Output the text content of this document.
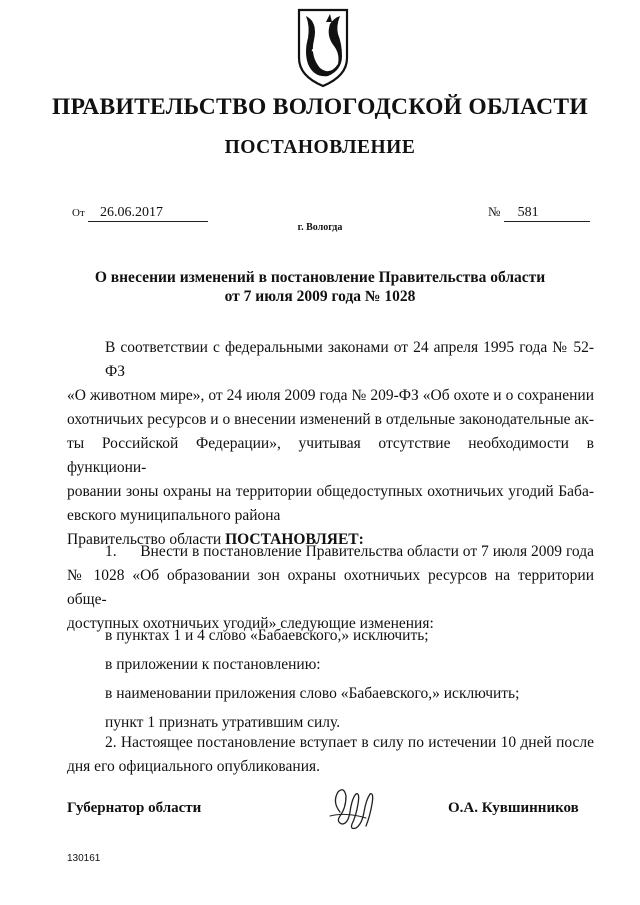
ПРАВИТЕЛЬСТВО ВОЛОГОДСКОЙ ОБЛАСТИ
ПОСТАНОВЛЕНИЕ
От 26.06.2017	№ 581
г. Вологда
О внесении изменений в постановление Правительства области
от 7 июля 2009 года № 1028
В соответствии с федеральными законами от 24 апреля 1995 года № 52-ФЗ
«О животном мире», от 24 июля 2009 года № 209-ФЗ «Об охоте и о сохранении
охотничьих ресурсов и о внесении изменений в отдельные законодательные ак-
ты Российской Федерации», учитывая отсутствие необходимости в функциони-
ровании зоны охраны на территории общедоступных охотничьих угодий Баба-
евского муниципального района
Правительство области ПОСТАНОВЛЯЕТ:
1.      Внести в постановление Правительства области от 7 июля 2009 года
№ 1028 «Об образовании зон охраны охотничьих ресурсов на территории обще-
доступных охотничьих угодий» следующие изменения:
в пунктах 1 и 4 слово «Бабаевского,» исключить;
в приложении к постановлению:
в наименовании приложения слово «Бабаевского,» исключить;
пункт 1 признать утратившим силу.
2. Настоящее постановление вступает в силу по истечении 10 дней после
дня его официального опубликования.
Губернатор области	О.А. Кувшинников
130161
